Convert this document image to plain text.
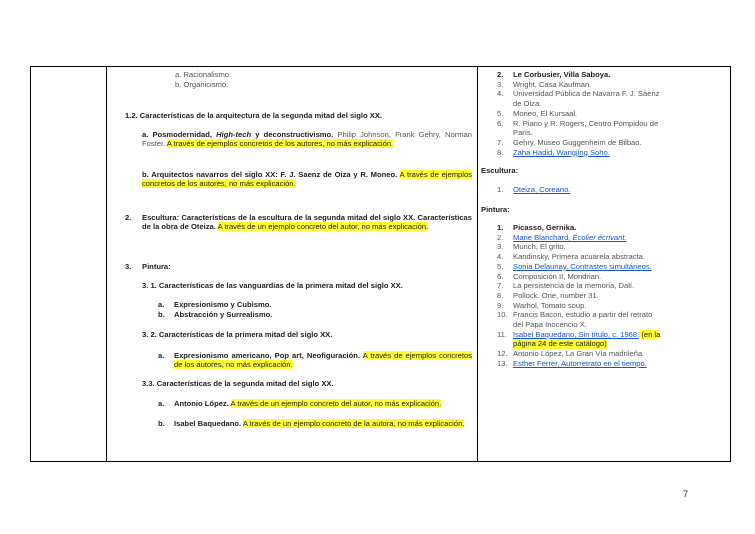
a. Racionalismo.
b. Organicismo.
1.2. Características de la arquitectura de la segunda mitad del siglo XX.
a. Posmodernidad, High-tech y deconstructivismo. Philip Johnson, Frank Gehry, Norman Foster. A través de ejemplos concretos de los autores, no más explicación.
b. Arquitectos navarros del siglo XX: F. J. Saenz de Oiza y R. Moneo. A través de ejemplos concretos de los autores, no más explicación.
2. Escultura: Características de la escultura de la segunda mitad del siglo XX. Características de la obra de Oteiza. A través de un ejemplo concreto del autor, no más explicación.
3. Pintura:
3. 1. Características de las vanguardias de la primera mitad del siglo XX.
a. Expresionismo y Cubismo.
b. Abstracción y Surrealismo.
3. 2. Características de la primera mitad del siglo XX.
a. Expresionismo americano, Pop art, Neofiguración. A través de ejemplos concretos de los autores, no más explicación.
3.3. Características de la segunda mitad del siglo XX.
a. Antonio López. A través de un ejemplo concreto del autor, no más explicación.
b. Isabel Baquedano. A través de un ejemplo concreto de la autora, no más explicación.
2. Le Corbusier, Villa Saboya.
3. Wright, Casa Kaufman.
4. Universidad Pública de Navarra F. J. Sáenz
de Oiza.
5. Moneo, El Kursaal.
6. R. Piano y R. Rogers, Centro Pompidou de
París.
7. Gehry, Museo Guggenheim de Bilbao.
8. Zaha Hadid, Wangjing Soho.
Escultura:
1. Oteiza, Coreano.
Pintura:
1. Picasso, Gernika.
2. Marie Blanchard, Écolier écrivant.
3. Munch, El grito.
4. Kandinsky, Primera acuarela abstracta.
5. Sonia Delaunay, Contrastes simultáneos.
6. Composición II, Mondrian.
7. La persistencia de la memoria, Dalí.
8. Pollock. One, number 31.
9. Warhol, Tomato soup.
10. Francis Bacon, estudio a partir del retrato
del Papa Inocencio X.
11. Isabel Baquedano, Sin título, c. 1968. (en la
página 24 de este catálogo)
12. Antonio López, La Gran Vía madrileña.
13. Esther Ferrer, Autorretrato en el tiempo.
7
